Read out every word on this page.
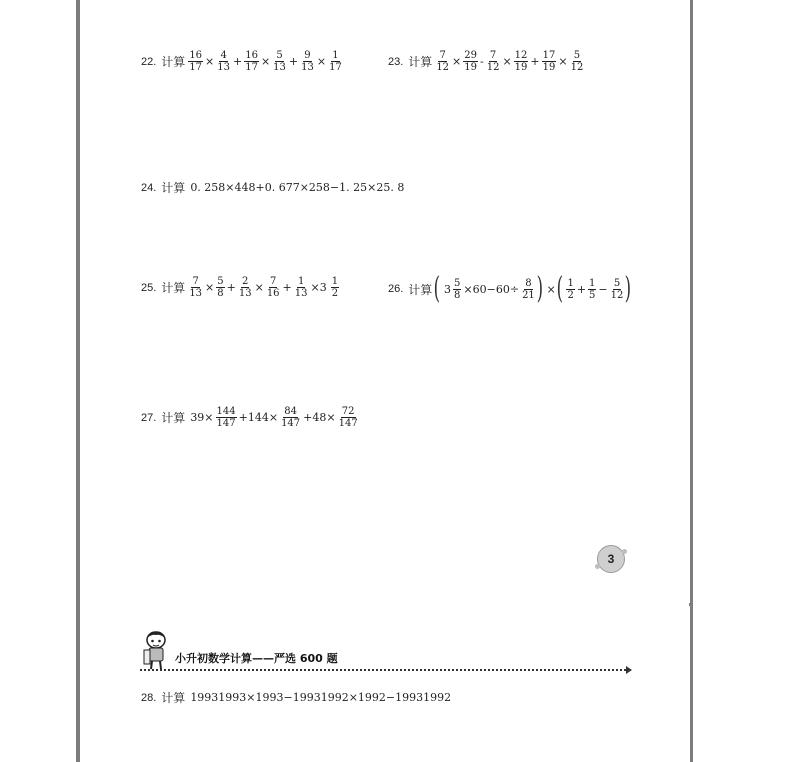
22. 计算 $\frac{16}{17} \times \frac{4}{13} + \frac{16}{17} \times \frac{5}{13} + \frac{9}{13} \times \frac{1}{17}$	23. 计算 $\frac{7}{12} \times \frac{29}{19} - \frac{7}{12} \times \frac{12}{19} + \frac{17}{19} \times \frac{5}{12}$
24. 计算 0. 258×448+0. 677×258−1. 25×25. 8
25. 计算 $\frac{7}{13} \times \frac{5}{8} + \frac{2}{13} \times \frac{7}{16} + \frac{1}{13} \times 3 \frac{1}{2}$	26. 计算 ( $3 \frac{5}{8} \times 60-60\div \frac{8}{21}$ ) × ( $\frac{1}{2} + \frac{1}{5} - \frac{5}{12}$ )
27. 计算 $39\times \frac{144}{147} +144\times \frac{84}{147} +48\times \frac{72}{147}$
3
小升初数学计算——严选 600 题
28. 计算 19931993×1993−19931992×1992−19931992
